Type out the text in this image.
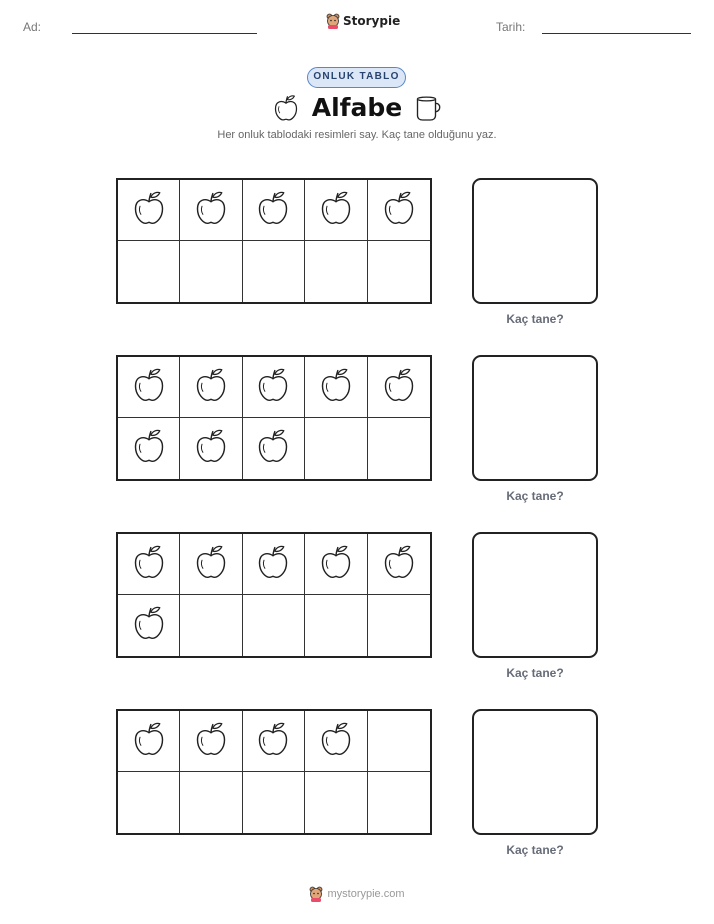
Ad:	Storypie	Tarih:
ONLUK TABLO
Alfabe
Her onluk tablodaki resimleri say. Kaç tane olduğunu yaz.
Kaç tane?
Kaç tane?
Kaç tane?
Kaç tane?
mystorypie.com
